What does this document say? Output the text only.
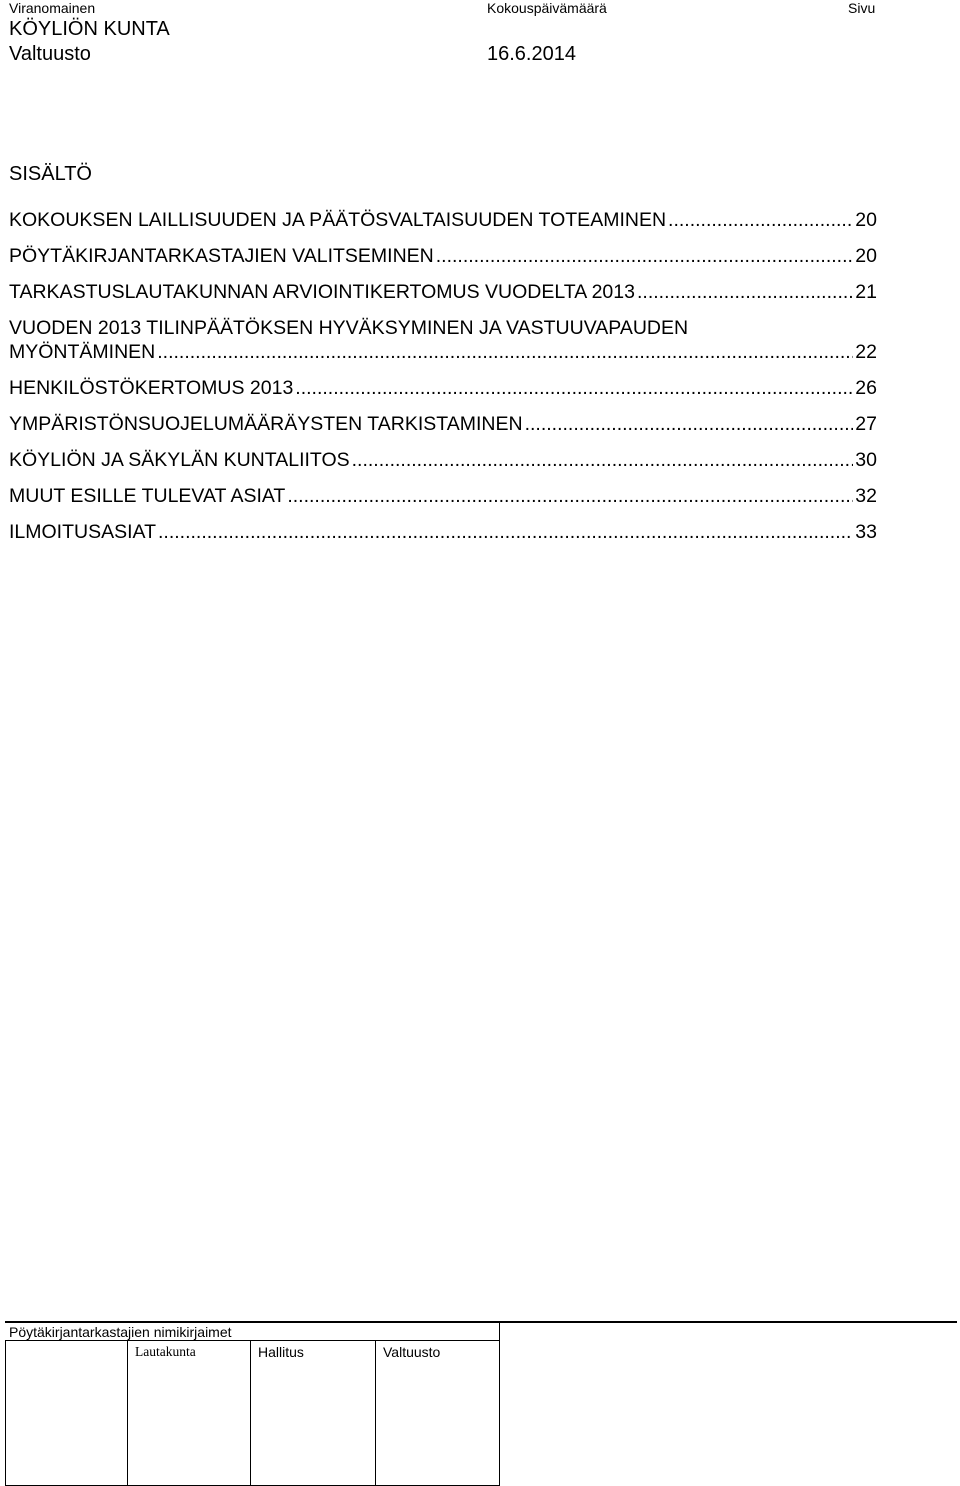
Viranomainen	Kokouspäivämäärä	Sivu
KÖYLIÖN KUNTA
Valtuusto	16.6.2014
SISÄLTÖ
KOKOUKSEN LAILLISUUDEN JA PÄÄTÖSVALTAISUUDEN TOTEAMINEN .....	20
PÖYTÄKIRJANTARKASTAJIEN VALITSEMINEN .....	20
TARKASTUSLAUTAKUNNAN ARVIOINTIKERTOMUS VUODELTA 2013 .....	21
VUODEN 2013 TILINPÄÄTÖKSEN HYVÄKSYMINEN JA VASTUUVAPAUDEN
MYÖNTÄMINEN .....	22
HENKILÖSTÖKERTOMUS 2013 .....	26
YMPÄRISTÖNSUOJELUMÄÄRÄYSTEN TARKISTAMINEN .....	27
KÖYLIÖN JA SÄKYLÄN KUNTALIITOS .....	30
MUUT ESILLE TULEVAT ASIAT .....	32
ILMOITUSASIAT .....	33
Pöytäkirjantarkastajien nimikirjaimet
Lautakunta	Hallitus	Valtuusto
